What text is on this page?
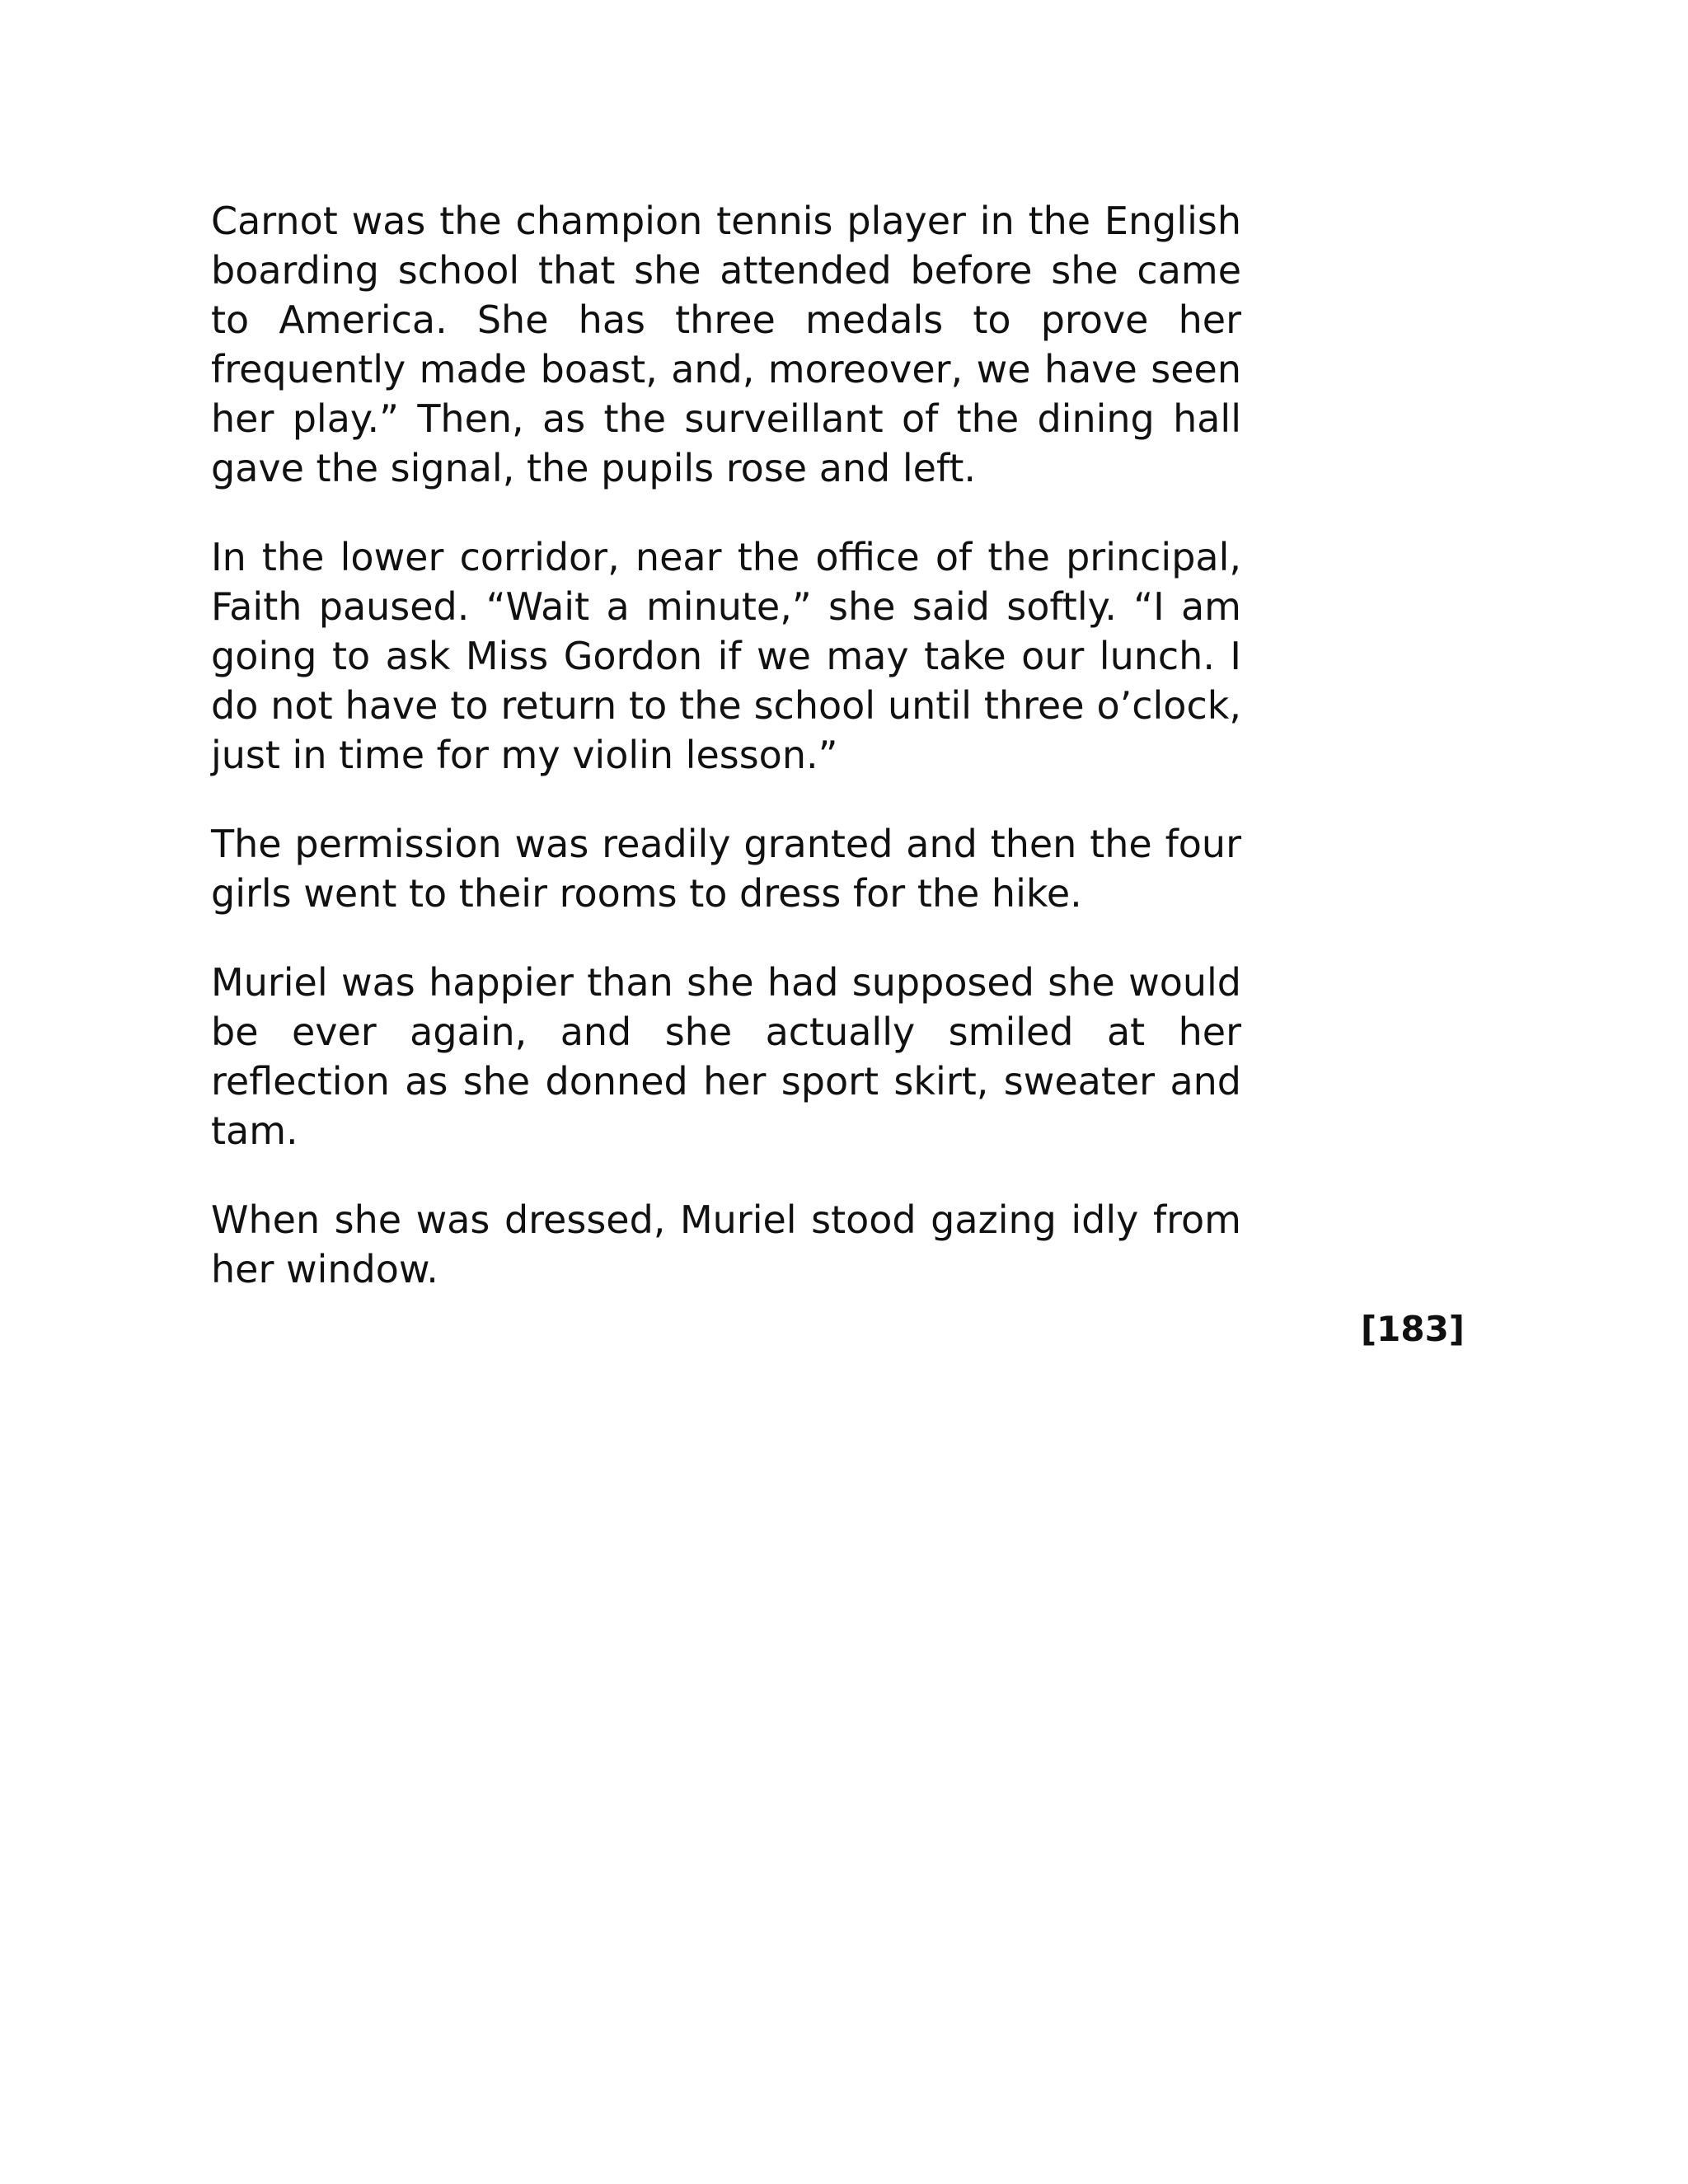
Carnot was the champion tennis player in the English boarding school that she attended before she came to America. She has three medals to prove her frequently made boast, and, moreover, we have seen her play.” Then, as the surveillant of the dining hall gave the signal, the pupils rose and left.

In the lower corridor, near the office of the principal, Faith paused. “Wait a minute,” she said softly. “I am going to ask Miss Gordon if we may take our lunch. I do not have to return to the school until three o’clock, just in time for my violin lesson.”

The permission was readily granted and then the four girls went to their rooms to dress for the hike.

Muriel was happier than she had supposed she would be ever again, and she actually smiled at her reflection as she donned her sport skirt, sweater and tam.

When she was dressed, Muriel stood gazing idly from her window.

[183]
